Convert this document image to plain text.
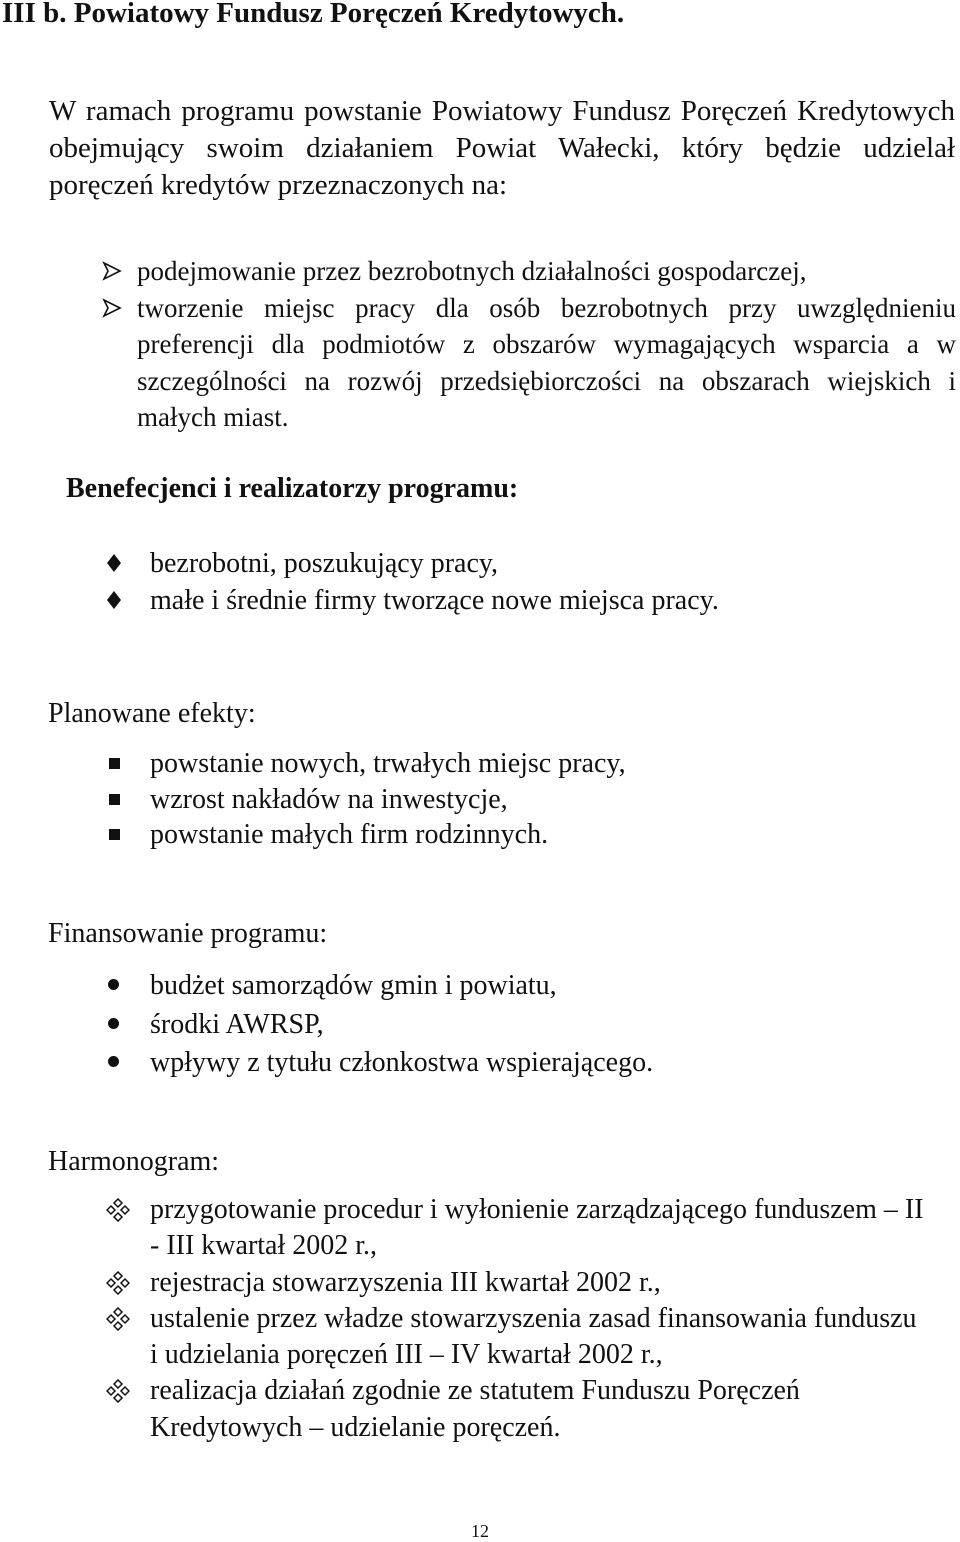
III b. Powiatowy Fundusz Poręczeń Kredytowych.

W ramach programu powstanie Powiatowy Fundusz Poręczeń Kredytowych obejmujący swoim działaniem Powiat Wałecki, który będzie udzielał poręczeń kredytów przeznaczonych na:

podejmowanie przez bezrobotnych działalności gospodarczej,
tworzenie miejsc pracy dla osób bezrobotnych przy uwzględnieniu preferencji dla podmiotów z obszarów wymagających wsparcia a w szczególności na rozwój przedsiębiorczości na obszarach wiejskich i małych miast.
Benefecjenci i realizatorzy programu:
bezrobotni, poszukujący pracy,
małe i średnie firmy tworzące nowe miejsca pracy.
Planowane efekty:
powstanie nowych, trwałych miejsc pracy,
wzrost nakładów na inwestycje,
powstanie małych firm rodzinnych.
Finansowanie programu:
budżet samorządów gmin i powiatu,
środki AWRSP,
wpływy z tytułu członkostwa wspierającego.
Harmonogram:
przygotowanie procedur i wyłonienie zarządzającego funduszem – II - III kwartał 2002 r.,
rejestracja stowarzyszenia III kwartał 2002 r.,
ustalenie przez władze stowarzyszenia zasad finansowania funduszu i udzielania poręczeń III – IV kwartał 2002 r.,
realizacja działań zgodnie ze statutem Funduszu Poręczeń Kredytowych – udzielanie poręczeń.
12
